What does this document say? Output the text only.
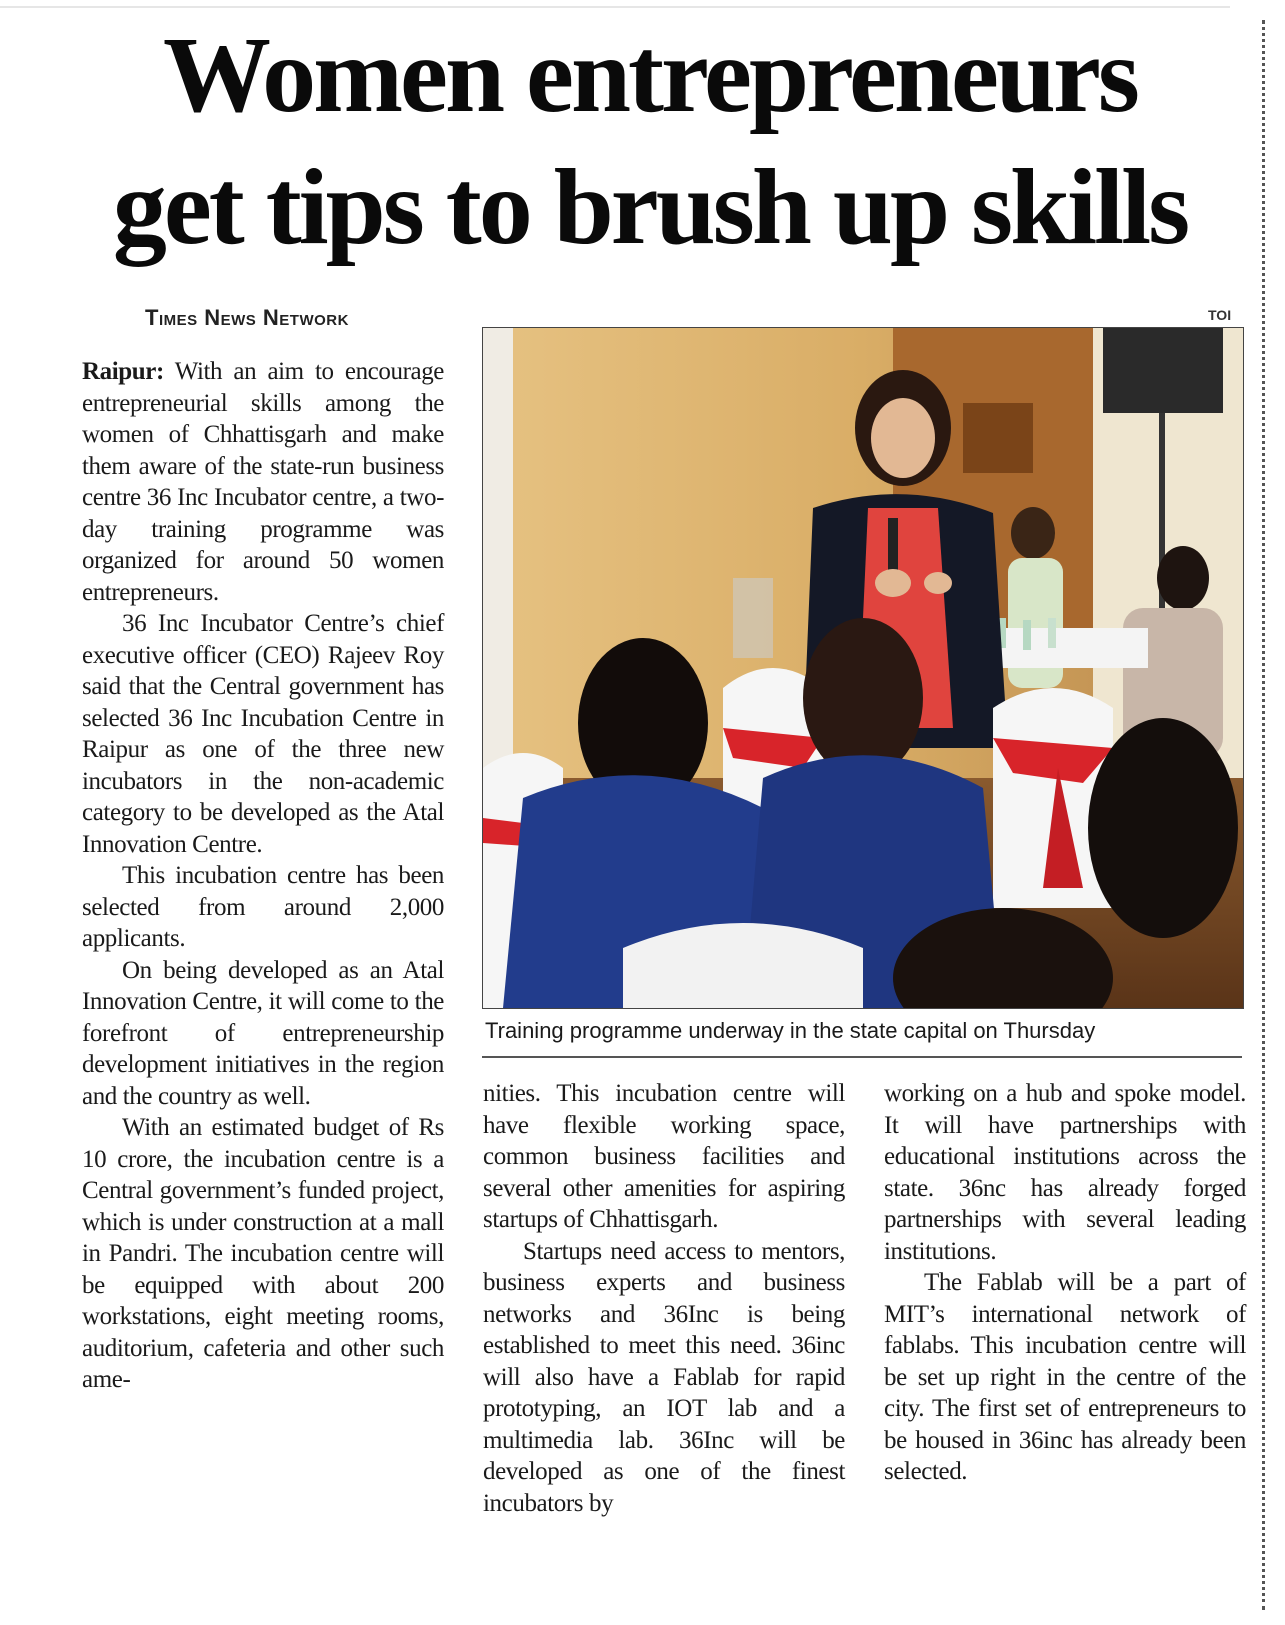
Women entrepreneurs
get tips to brush up skills
Times News Network	TOI

Raipur: With an aim to encourage entrepreneurial skills among the women of Chhattisgarh and make them aware of the state-run business centre 36 Inc Incubator centre, a two-day training programme was organized for around 50 women entrepreneurs.

36 Inc Incubator Centre’s chief executive officer (CEO) Rajeev Roy said that the Central government has selected 36 Inc Incubation Centre in Raipur as one of the three new incubators in the non-academic category to be developed as the Atal Innovation Centre.

This incubation centre has been selected from around 2,000 applicants.

On being developed as an Atal Innovation Centre, it will come to the forefront of entrepreneurship development initiatives in the region and the country as well.

With an estimated budget of Rs 10 crore, the incubation centre is a Central government’s funded project, which is under construction at a mall in Pandri. The incubation centre will be equipped with about 200 workstations, eight meeting rooms, auditorium, cafeteria and other such ame-

Training programme underway in the state capital on Thursday

nities. This incubation centre will have flexible working space, common business facilities and several other amenities for aspiring startups of Chhattisgarh.

Startups need access to mentors, business experts and business networks and 36Inc is being established to meet this need. 36inc will also have a Fablab for rapid prototyping, an IOT lab and a multimedia lab. 36Inc will be developed as one of the finest incubators by

working on a hub and spoke model. It will have partnerships with educational institutions across the state. 36nc has already forged partnerships with several leading institutions.

The Fablab will be a part of MIT’s international network of fablabs. This incubation centre will be set up right in the centre of the city. The first set of entrepreneurs to be housed in 36inc has already been selected.
